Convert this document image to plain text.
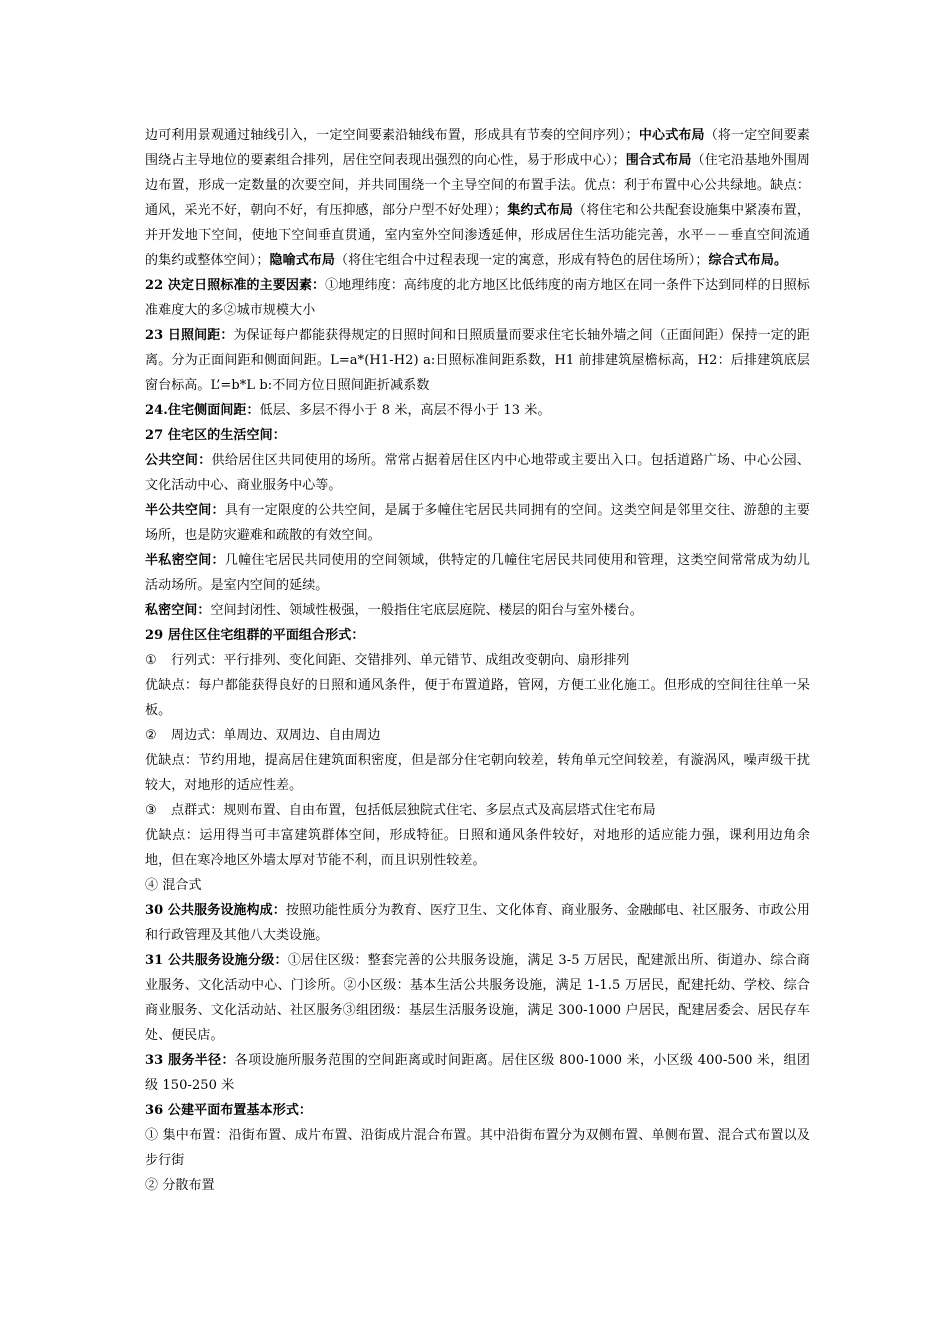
边可利用景观通过轴线引入，一定空间要素沿轴线布置，形成具有节奏的空间序列）；中心式布局（将一定空间要素围绕占主导地位的要素组合排列，居住空间表现出强烈的向心性，易于形成中心）；围合式布局（住宅沿基地外围周边布置，形成一定数量的次要空间，并共同围绕一个主导空间的布置手法。优点：利于布置中心公共绿地。缺点：通风，采光不好，朝向不好，有压抑感，部分户型不好处理）；集约式布局（将住宅和公共配套设施集中紧凑布置，并开发地下空间，使地下空间垂直贯通，室内室外空间渗透延伸，形成居住生活功能完善，水平－－垂直空间流通的集约或整体空间）；隐喻式布局（将住宅组合中过程表现一定的寓意，形成有特色的居住场所）；综合式布局。

22 决定日照标准的主要因素：①地理纬度：高纬度的北方地区比低纬度的南方地区在同一条件下达到同样的日照标准难度大的多②城市规模大小

23 日照间距：为保证每户都能获得规定的日照时间和日照质量而要求住宅长轴外墙之间（正面间距）保持一定的距离。分为正面间距和侧面间距。L=a*(H1-H2) a:日照标准间距系数，H1 前排建筑屋檐标高，H2：后排建筑底层窗台标高。L’=b*L b:不同方位日照间距折减系数

24.住宅侧面间距：低层、多层不得小于 8 米，高层不得小于 13 米。

27 住宅区的生活空间：

公共空间：供给居住区共同使用的场所。常常占据着居住区内中心地带或主要出入口。包括道路广场、中心公园、文化活动中心、商业服务中心等。

半公共空间：具有一定限度的公共空间，是属于多幢住宅居民共同拥有的空间。这类空间是邻里交往、游憩的主要场所，也是防灾避难和疏散的有效空间。

半私密空间：几幢住宅居民共同使用的空间领域，供特定的几幢住宅居民共同使用和管理，这类空间常常成为幼儿活动场所。是室内空间的延续。

私密空间：空间封闭性、领域性极强，一般指住宅底层庭院、楼层的阳台与室外楼台。

29 居住区住宅组群的平面组合形式：

① 行列式：平行排列、变化间距、交错排列、单元错节、成组改变朝向、扇形排列

优缺点：每户都能获得良好的日照和通风条件，便于布置道路，管网，方便工业化施工。但形成的空间往往单一呆板。

② 周边式：单周边、双周边、自由周边

优缺点：节约用地，提高居住建筑面积密度，但是部分住宅朝向较差，转角单元空间较差，有漩涡风，噪声级干扰较大，对地形的适应性差。

③ 点群式：规则布置、自由布置，包括低层独院式住宅、多层点式及高层塔式住宅布局

优缺点：运用得当可丰富建筑群体空间，形成特征。日照和通风条件较好，对地形的适应能力强，课利用边角余地，但在寒冷地区外墙太厚对节能不利，而且识别性较差。

④ 混合式

30 公共服务设施构成：按照功能性质分为教育、医疗卫生、文化体育、商业服务、金融邮电、社区服务、市政公用和行政管理及其他八大类设施。

31 公共服务设施分级：①居住区级：整套完善的公共服务设施，满足 3-5 万居民，配建派出所、街道办、综合商业服务、文化活动中心、门诊所。②小区级：基本生活公共服务设施，满足 1-1.5 万居民，配建托幼、学校、综合商业服务、文化活动站、社区服务③组团级：基层生活服务设施，满足 300-1000 户居民，配建居委会、居民存车处、便民店。

33 服务半径：各项设施所服务范围的空间距离或时间距离。居住区级 800-1000 米，小区级 400-500 米，组团级 150-250 米

36 公建平面布置基本形式：

① 集中布置：沿街布置、成片布置、沿街成片混合布置。其中沿街布置分为双侧布置、单侧布置、混合式布置以及步行街

② 分散布置
